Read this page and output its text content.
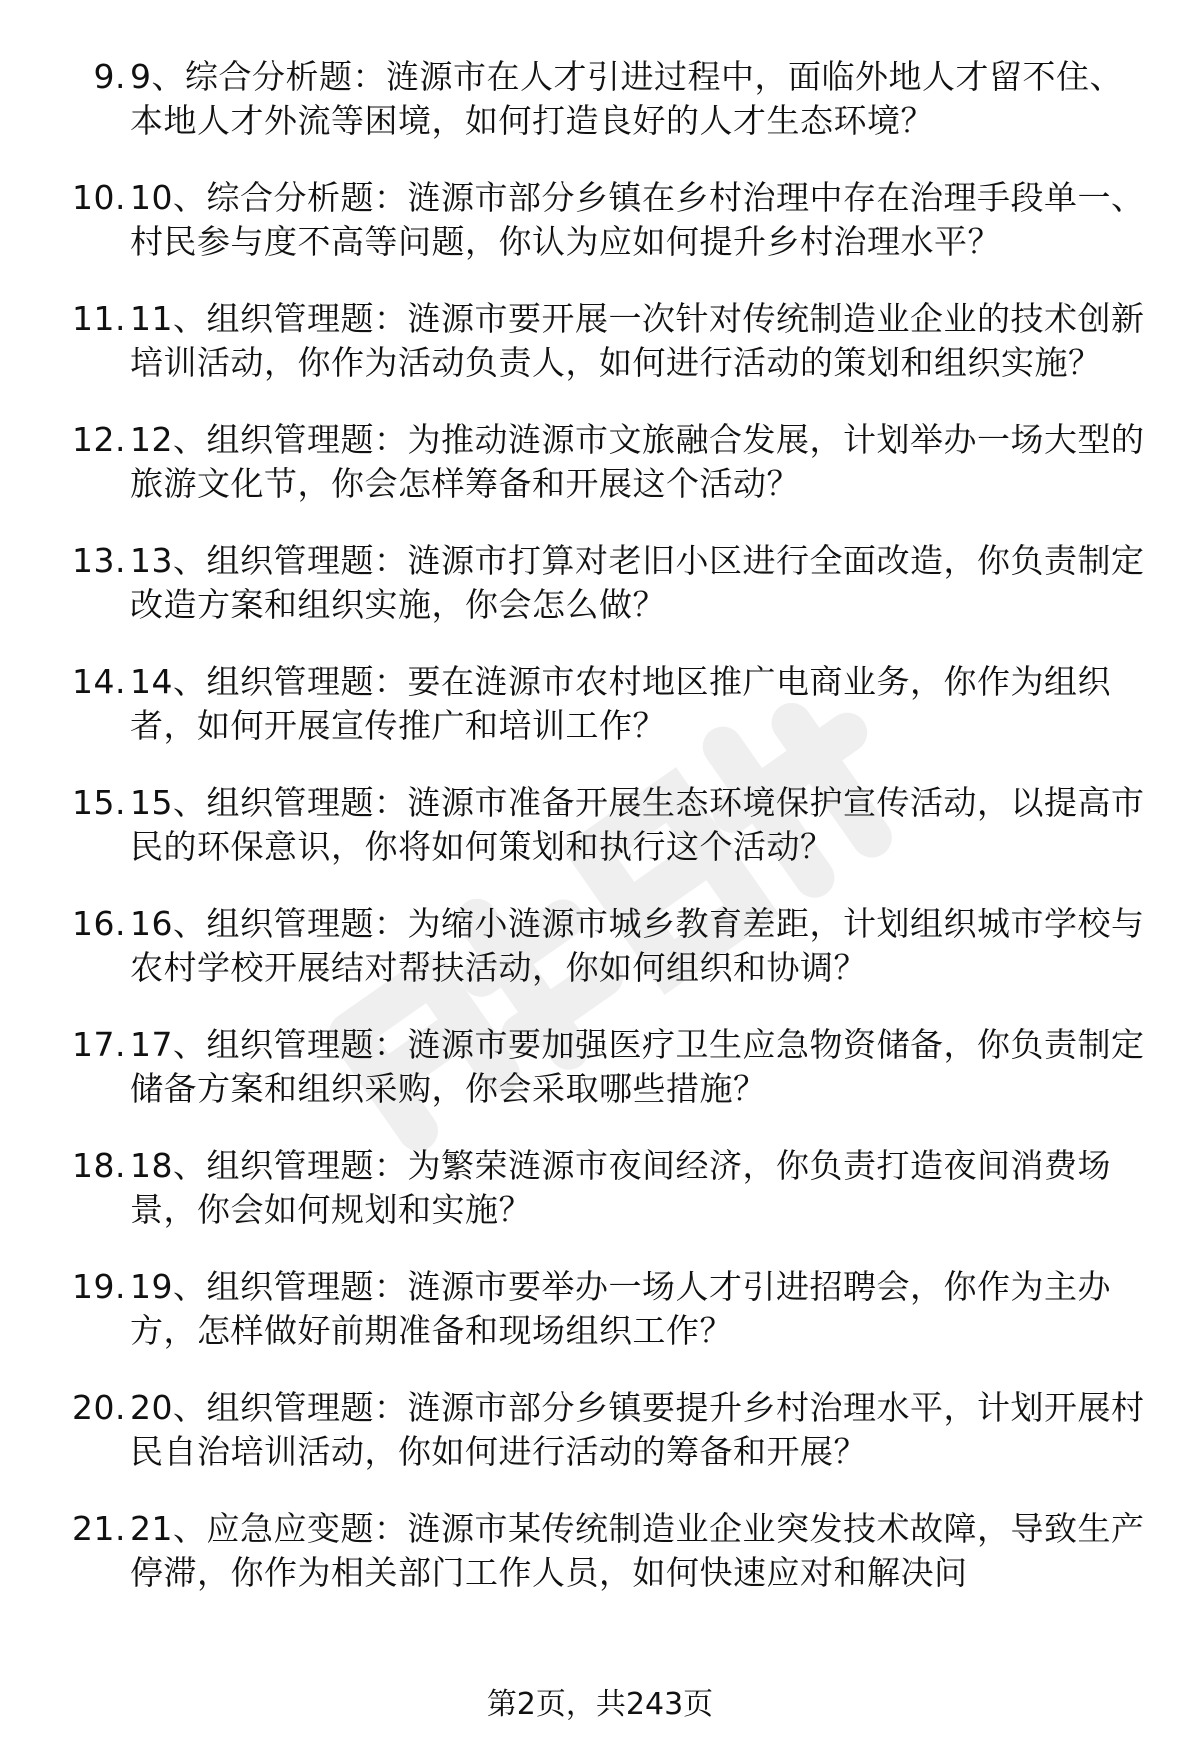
9. 9、综合分析题：涟源市在人才引进过程中，面临外地人才留不住、本地人才外流等困境，如何打造良好的人才生态环境？
10. 10、综合分析题：涟源市部分乡镇在乡村治理中存在治理手段单一、村民参与度不高等问题，你认为应如何提升乡村治理水平？
11. 11、组织管理题：涟源市要开展一次针对传统制造业企业的技术创新培训活动，你作为活动负责人，如何进行活动的策划和组织实施？
12. 12、组织管理题：为推动涟源市文旅融合发展，计划举办一场大型的旅游文化节，你会怎样筹备和开展这个活动？
13. 13、组织管理题：涟源市打算对老旧小区进行全面改造，你负责制定改造方案和组织实施，你会怎么做？
14. 14、组织管理题：要在涟源市农村地区推广电商业务，你作为组织者，如何开展宣传推广和培训工作？
15. 15、组织管理题：涟源市准备开展生态环境保护宣传活动，以提高市民的环保意识，你将如何策划和执行这个活动？
16. 16、组织管理题：为缩小涟源市城乡教育差距，计划组织城市学校与农村学校开展结对帮扶活动，你如何组织和协调？
17. 17、组织管理题：涟源市要加强医疗卫生应急物资储备，你负责制定储备方案和组织采购，你会采取哪些措施？
18. 18、组织管理题：为繁荣涟源市夜间经济，你负责打造夜间消费场景，你会如何规划和实施？
19. 19、组织管理题：涟源市要举办一场人才引进招聘会，你作为主办方，怎样做好前期准备和现场组织工作？
20. 20、组织管理题：涟源市部分乡镇要提升乡村治理水平，计划开展村民自治培训活动，你如何进行活动的筹备和开展？
21. 21、应急应变题：涟源市某传统制造业企业突发技术故障，导致生产停滞，你作为相关部门工作人员，如何快速应对和解决问
第2页，共243页
